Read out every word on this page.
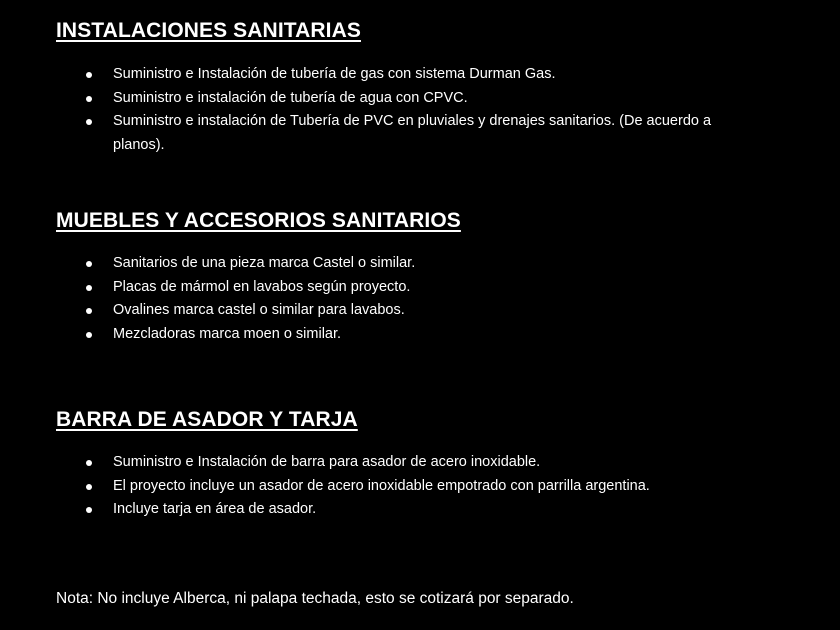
INSTALACIONES SANITARIAS
Suministro e Instalación de tubería de gas con sistema Durman Gas.
Suministro e instalación de tubería de agua con CPVC.
Suministro e instalación de Tubería de PVC en pluviales y drenajes sanitarios. (De acuerdo a planos).
MUEBLES Y ACCESORIOS SANITARIOS
Sanitarios de una pieza marca Castel o similar.
Placas de mármol en lavabos según proyecto.
Ovalines marca castel o similar para lavabos.
Mezcladoras marca moen o similar.
BARRA DE ASADOR Y TARJA
Suministro e Instalación de barra para asador de acero inoxidable.
El proyecto incluye un asador de acero inoxidable empotrado con parrilla argentina.
Incluye tarja en área de asador.

Nota: No incluye Alberca, ni palapa techada, esto se cotizará por separado.
